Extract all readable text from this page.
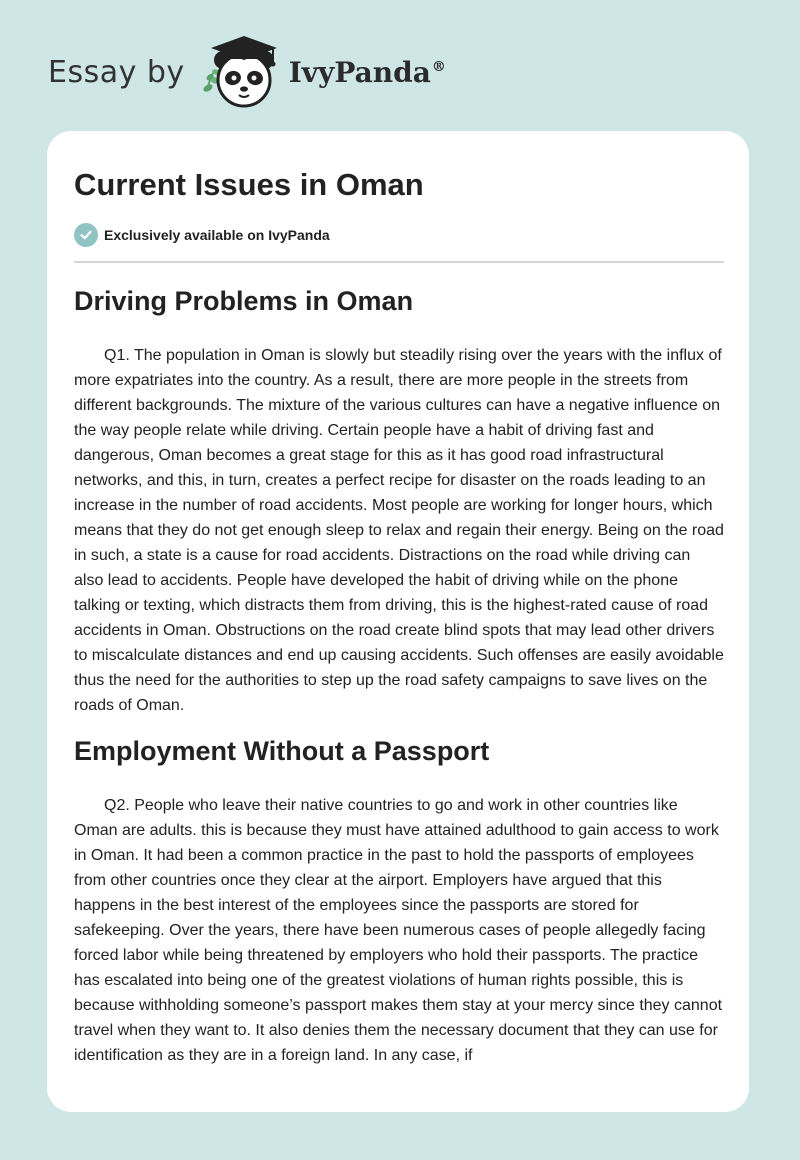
Essay by	IvyPanda®
Current Issues in Oman
Exclusively available on IvyPanda
Driving Problems in Oman

Q1. The population in Oman is slowly but steadily rising over the years with the influx of more expatriates into the country. As a result, there are more people in the streets from different backgrounds. The mixture of the various cultures can have a negative influence on the way people relate while driving. Certain people have a habit of driving fast and dangerous, Oman becomes a great stage for this as it has good road infrastructural networks, and this, in turn, creates a perfect recipe for disaster on the roads leading to an increase in the number of road accidents. Most people are working for longer hours, which means that they do not get enough sleep to relax and regain their energy. Being on the road in such, a state is a cause for road accidents. Distractions on the road while driving can also lead to accidents. People have developed the habit of driving while on the phone talking or texting, which distracts them from driving, this is the highest-rated cause of road accidents in Oman. Obstructions on the road create blind spots that may lead other drivers to miscalculate distances and end up causing accidents. Such offenses are easily avoidable thus the need for the authorities to step up the road safety campaigns to save lives on the roads of Oman.

Employment Without a Passport

Q2. People who leave their native countries to go and work in other countries like Oman are adults. this is because they must have attained adulthood to gain access to work in Oman. It had been a common practice in the past to hold the passports of employees from other countries once they clear at the airport. Employers have argued that this happens in the best interest of the employees since the passports are stored for safekeeping. Over the years, there have been numerous cases of people allegedly facing forced labor while being threatened by employers who hold their passports. The practice has escalated into being one of the greatest violations of human rights possible, this is because withholding someone’s passport makes them stay at your mercy since they cannot travel when they want to. It also denies them the necessary document that they can use for identification as they are in a foreign land. In any case, if
